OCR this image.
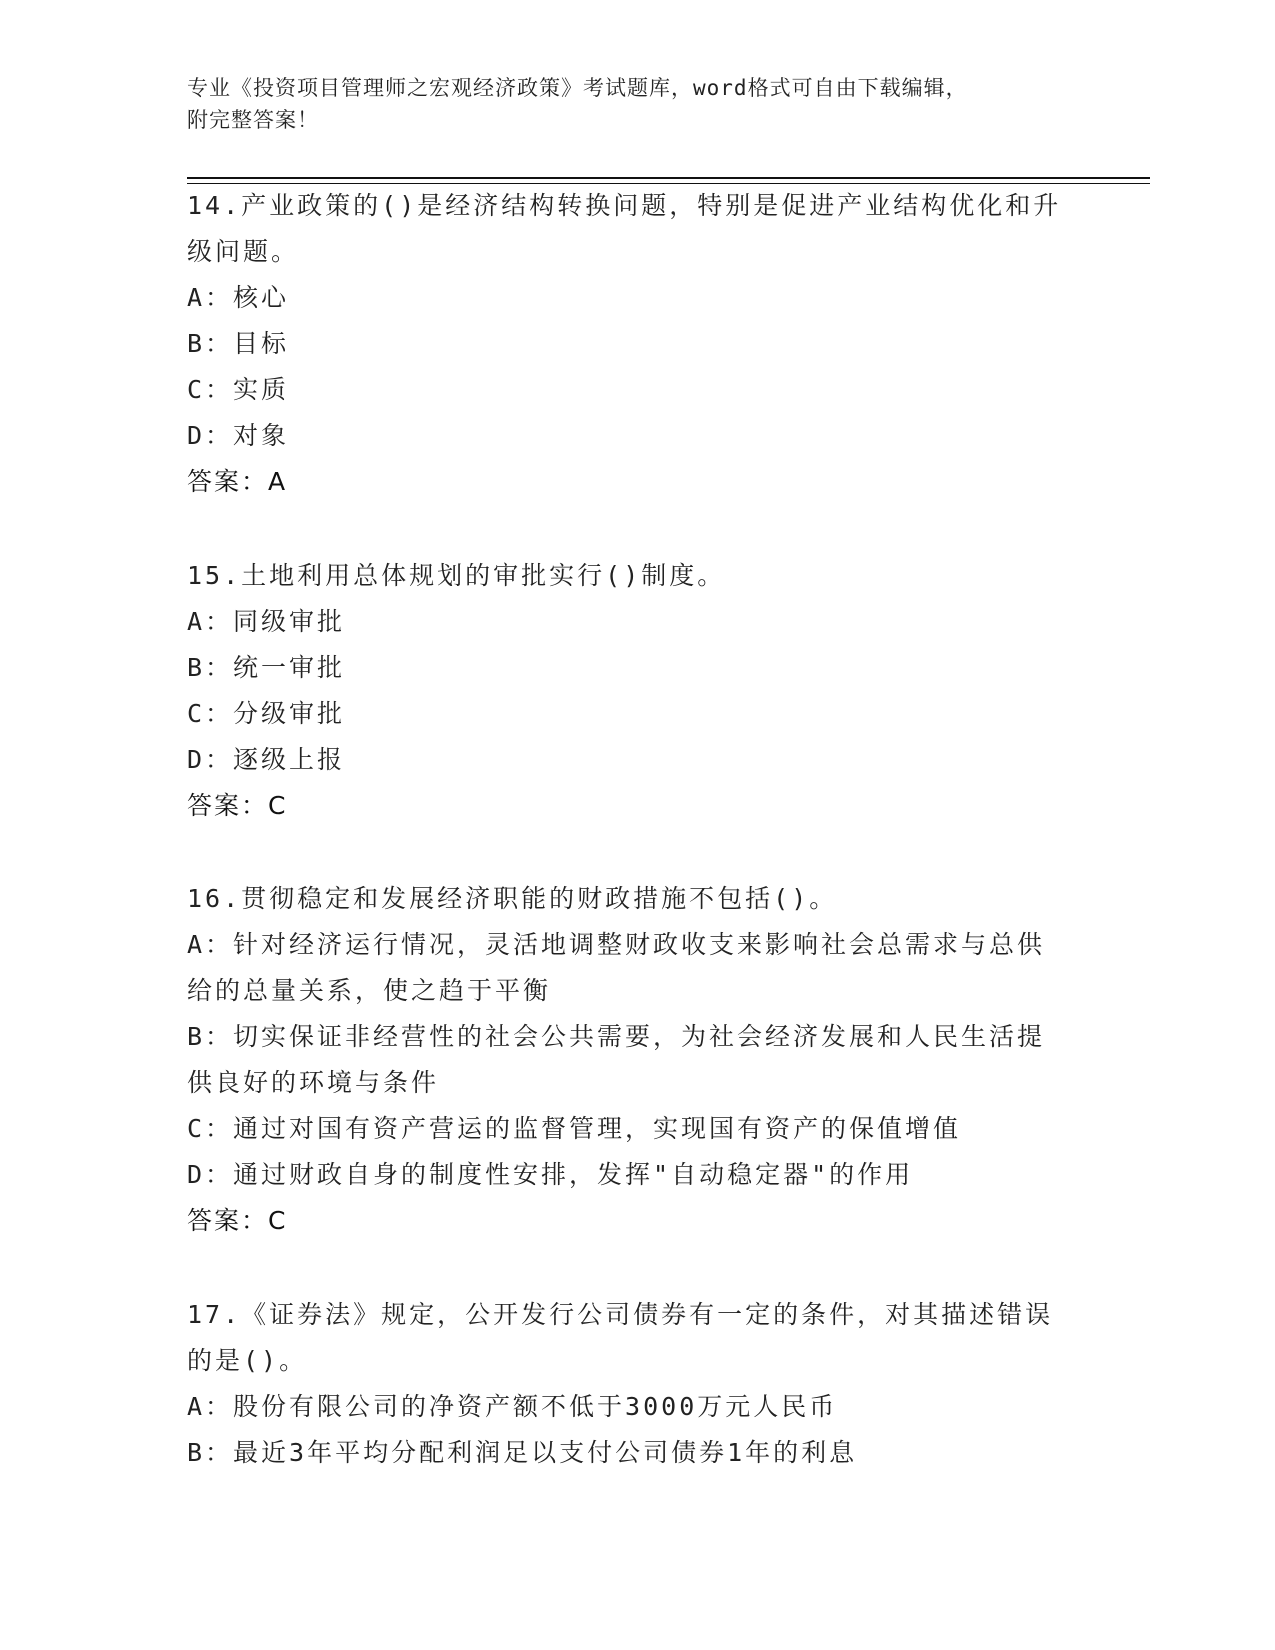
专业《投资项目管理师之宏观经济政策》考试题库，word格式可自由下载编辑，
附完整答案！
14.产业政策的()是经济结构转换问题，特别是促进产业结构优化和升
级问题。
A：核心
B：目标
C：实质
D：对象
答案：A
15.土地利用总体规划的审批实行()制度。
A：同级审批
B：统一审批
C：分级审批
D：逐级上报
答案：C
16.贯彻稳定和发展经济职能的财政措施不包括()。
A：针对经济运行情况，灵活地调整财政收支来影响社会总需求与总供
给的总量关系，使之趋于平衡
B：切实保证非经营性的社会公共需要，为社会经济发展和人民生活提
供良好的环境与条件
C：通过对国有资产营运的监督管理，实现国有资产的保值增值
D：通过财政自身的制度性安排，发挥"自动稳定器"的作用
答案：C
17.《证券法》规定，公开发行公司债券有一定的条件，对其描述错误
的是()。
A：股份有限公司的净资产额不低于3000万元人民币
B：最近3年平均分配利润足以支付公司债券1年的利息
